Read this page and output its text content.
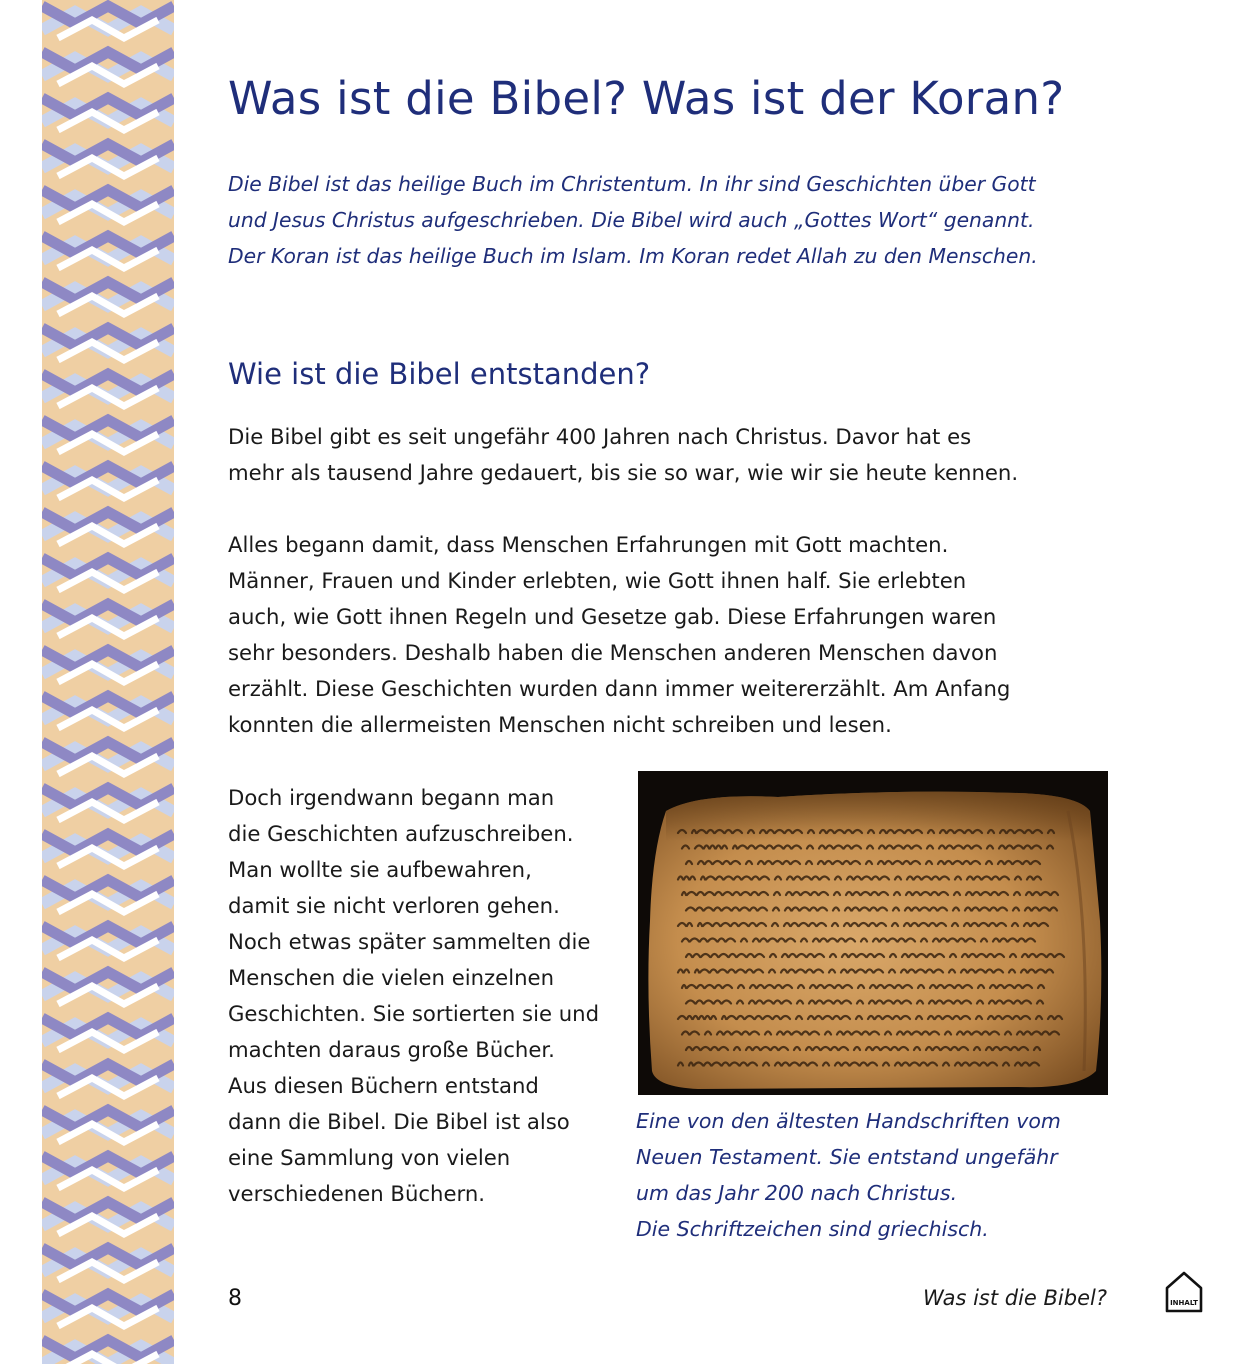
Was ist die Bibel? Was ist der Koran?

Die Bibel ist das heilige Buch im Christentum. In ihr sind Geschichten über Gott
und Jesus Christus aufgeschrieben. Die Bibel wird auch „Gottes Wort“ genannt.
Der Koran ist das heilige Buch im Islam. Im Koran redet Allah zu den Menschen.

Wie ist die Bibel entstanden?

Die Bibel gibt es seit ungefähr 400 Jahren nach Christus. Davor hat es
mehr als tausend Jahre gedauert, bis sie so war, wie wir sie heute kennen.

Alles begann damit, dass Menschen Erfahrungen mit Gott machten.
Männer, Frauen und Kinder erlebten, wie Gott ihnen half. Sie erlebten
auch, wie Gott ihnen Regeln und Gesetze gab. Diese Erfahrungen waren
sehr besonders. Deshalb haben die Menschen anderen Menschen davon
erzählt. Diese Geschichten wurden dann immer weitererzählt. Am Anfang
konnten die allermeisten Menschen nicht schreiben und lesen.

Doch irgendwann begann man
die Geschichten aufzuschreiben.
Man wollte sie aufbewahren,
damit sie nicht verloren gehen.
Noch etwas später sammelten die
Menschen die vielen einzelnen
Geschichten. Sie sortierten sie und
machten daraus große Bücher.
Aus diesen Büchern entstand
dann die Bibel. Die Bibel ist also
eine Sammlung von vielen
verschiedenen Büchern.

Eine von den ältesten Handschriften vom
Neuen Testament. Sie entstand ungefähr
um das Jahr 200 nach Christus.
Die Schriftzeichen sind griechisch.

8	Was ist die Bibel?	INHALT
